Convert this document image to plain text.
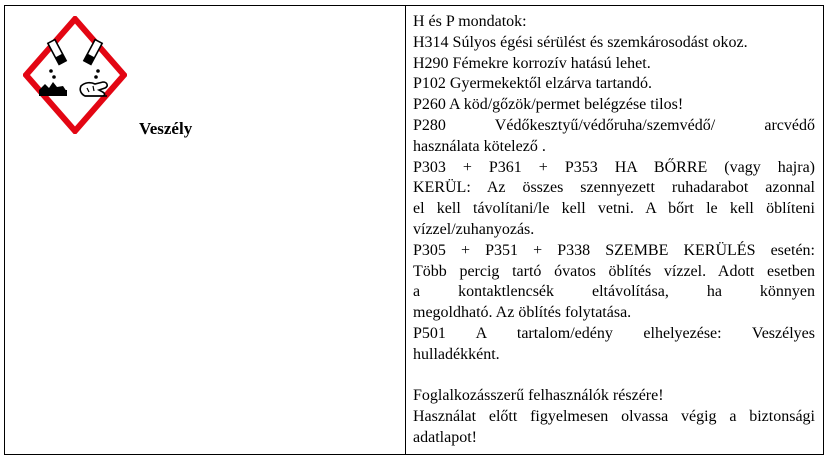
Veszély

H és P mondatok:
H314 Súlyos égési sérülést és szemkárosodást okoz.
H290 Fémekre korrozív hatású lehet.
P102 Gyermekektől elzárva tartandó.
P260 A köd/gőzök/permet belégzése tilos!
P280 Védőkesztyű/védőruha/szemvédő/ arcvédő
használata kötelező .
P303 + P361 + P353 HA BŐRRE (vagy hajra)
KERÜL: Az összes szennyezett ruhadarabot azonnal
el kell távolítani/le kell vetni. A bőrt le kell öblíteni
vízzel/zuhanyozás.
P305 + P351 + P338 SZEMBE KERÜLÉS esetén:
Több percig tartó óvatos öblítés vízzel. Adott esetben
a kontaktlencsék eltávolítása, ha könnyen
megoldható. Az öblítés folytatása.
P501 A tartalom/edény elhelyezése: Veszélyes
hulladékként.
Foglalkozásszerű felhasználók részére!
Használat előtt figyelmesen olvassa végig a biztonsági
adatlapot!
